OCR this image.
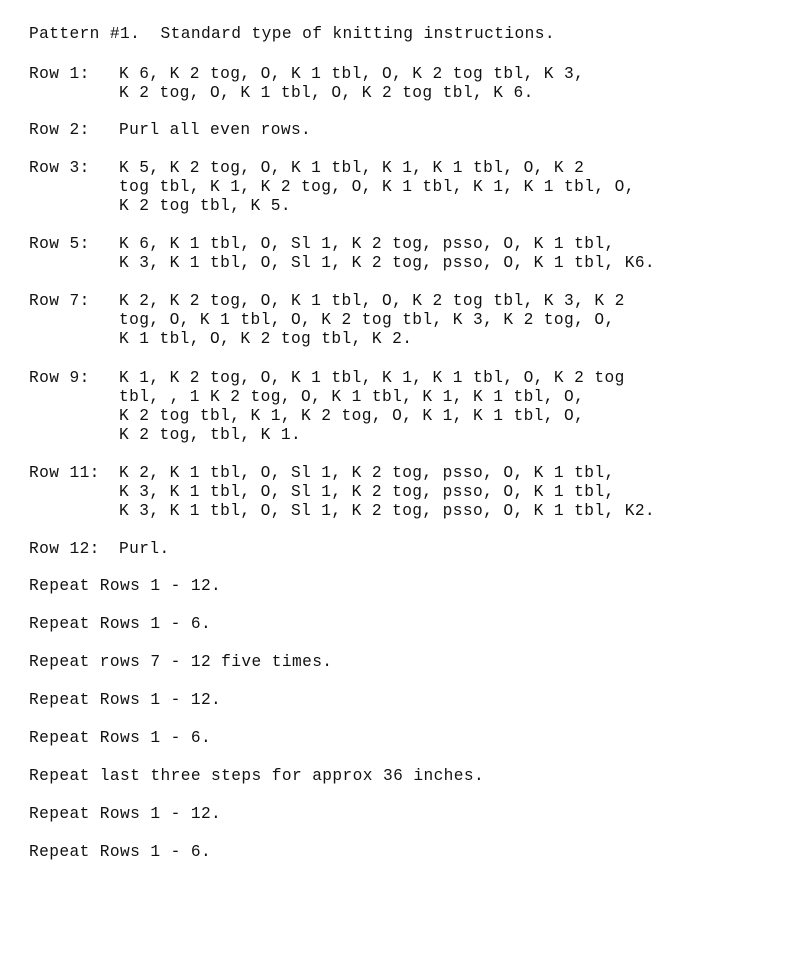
Pattern #1.  Standard type of knitting instructions.
Row 1: K 6, K 2 tog, O, K 1 tbl, O, K 2 tog tbl, K 3,
K 2 tog, O, K 1 tbl, O, K 2 tog tbl, K 6.
Row 2: Purl all even rows.
Row 3: K 5, K 2 tog, O, K 1 tbl, K 1, K 1 tbl, O, K 2
tog tbl, K 1, K 2 tog, O, K 1 tbl, K 1, K 1 tbl, O,
K 2 tog tbl, K 5.
Row 5: K 6, K 1 tbl, O, Sl 1, K 2 tog, psso, O, K 1 tbl,
K 3, K 1 tbl, O, Sl 1, K 2 tog, psso, O, K 1 tbl, K6.
Row 7: K 2, K 2 tog, O, K 1 tbl, O, K 2 tog tbl, K 3, K 2
tog, O, K 1 tbl, O, K 2 tog tbl, K 3, K 2 tog, O,
K 1 tbl, O, K 2 tog tbl, K 2.
Row 9: K 1, K 2 tog, O, K 1 tbl, K 1, K 1 tbl, O, K 2 tog
tbl, , 1 K 2 tog, O, K 1 tbl, K 1, K 1 tbl, O,
K 2 tog tbl, K 1, K 2 tog, O, K 1, K 1 tbl, O,
K 2 tog, tbl, K 1.
Row 11: K 2, K 1 tbl, O, Sl 1, K 2 tog, psso, O, K 1 tbl,
K 3, K 1 tbl, O, Sl 1, K 2 tog, psso, O, K 1 tbl,
K 3, K 1 tbl, O, Sl 1, K 2 tog, psso, O, K 1 tbl, K2.
Row 12: Purl.
Repeat Rows 1 - 12.
Repeat Rows 1 - 6.
Repeat rows 7 - 12 five times.
Repeat Rows 1 - 12.
Repeat Rows 1 - 6.
Repeat last three steps for approx 36 inches.
Repeat Rows 1 - 12.
Repeat Rows 1 - 6.
